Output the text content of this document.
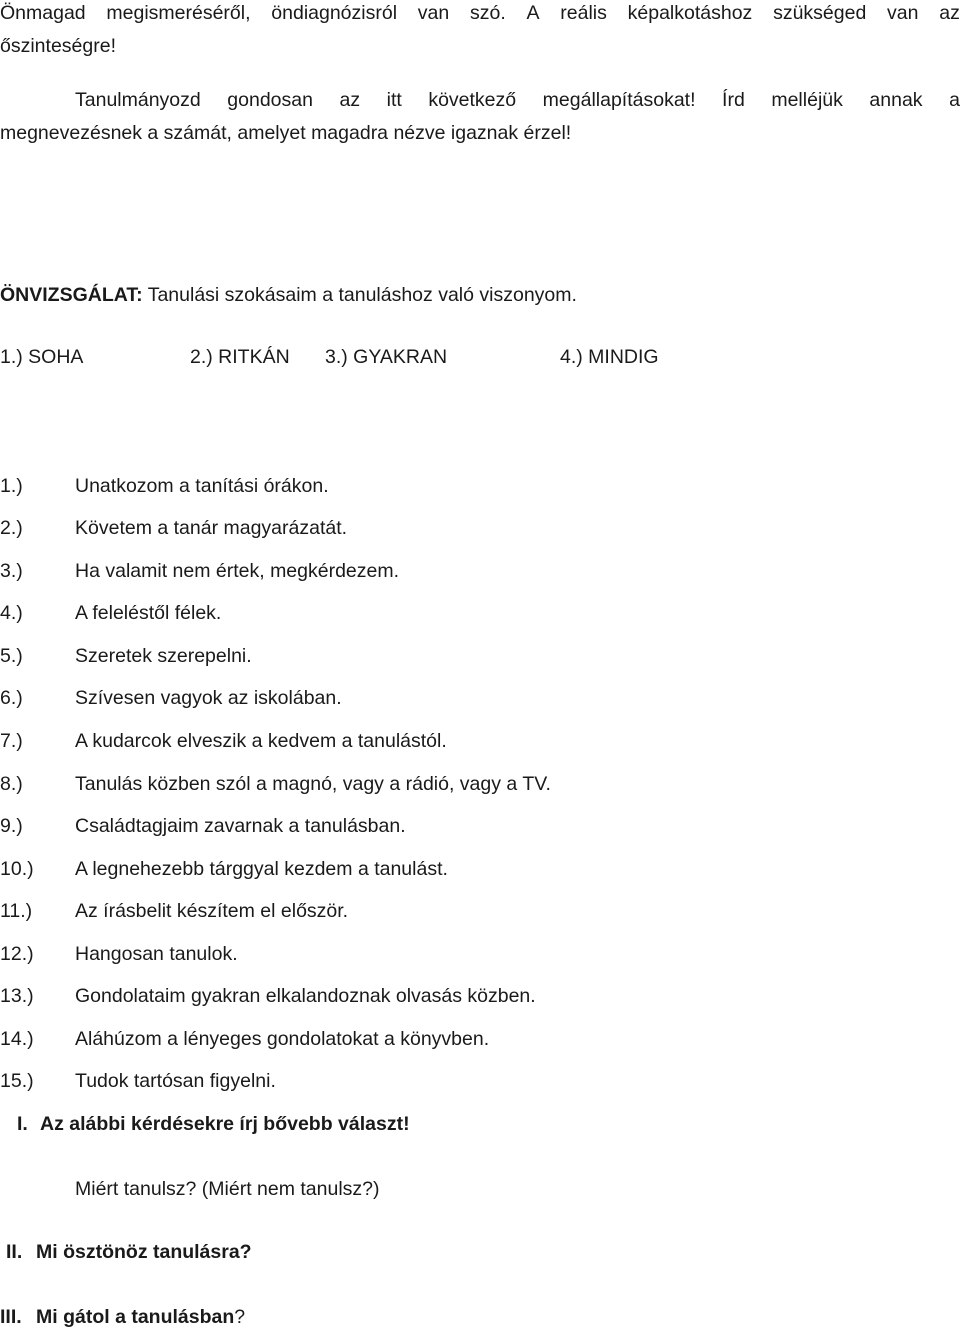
Önmagad megismeréséről, öndiagnózisról van szó. A reális képalkotáshoz szükséged van az
őszinteségre!
Tanulmányozd gondosan az itt következő megállapításokat! Írd melléjük annak a
megnevezésnek a számát, amelyet magadra nézve igaznak érzel!
ÖNVIZSGÁLAT: Tanulási szokásaim a tanuláshoz való viszonyom.
1.) SOHA	2.) RITKÁN 3.) GYAKRAN	4.) MINDIG
1.)	Unatkozom a tanítási órákon.
2.)	Követem a tanár magyarázatát.
3.)	Ha valamit nem értek, megkérdezem.
4.)	A feleléstől félek.
5.)	Szeretek szerepelni.
6.)	Szívesen vagyok az iskolában.
7.)	A kudarcok elveszik a kedvem a tanulástól.
8.)	Tanulás közben szól a magnó, vagy a rádió, vagy a TV.
9.)	Családtagjaim zavarnak a tanulásban.
10.) A legnehezebb tárggyal kezdem a tanulást.
11.) Az írásbelit készítem el először.
12.) Hangosan tanulok.
13.) Gondolataim gyakran elkalandoznak olvasás közben.
14.) Aláhúzom a lényeges gondolatokat a könyvben.
15.) Tudok tartósan figyelni.
I. Az alábbi kérdésekre írj bővebb választ!
Miért tanulsz? (Miért nem tanulsz?)
II. Mi ösztönöz tanulásra?
III. Mi gátol a tanulásban?
